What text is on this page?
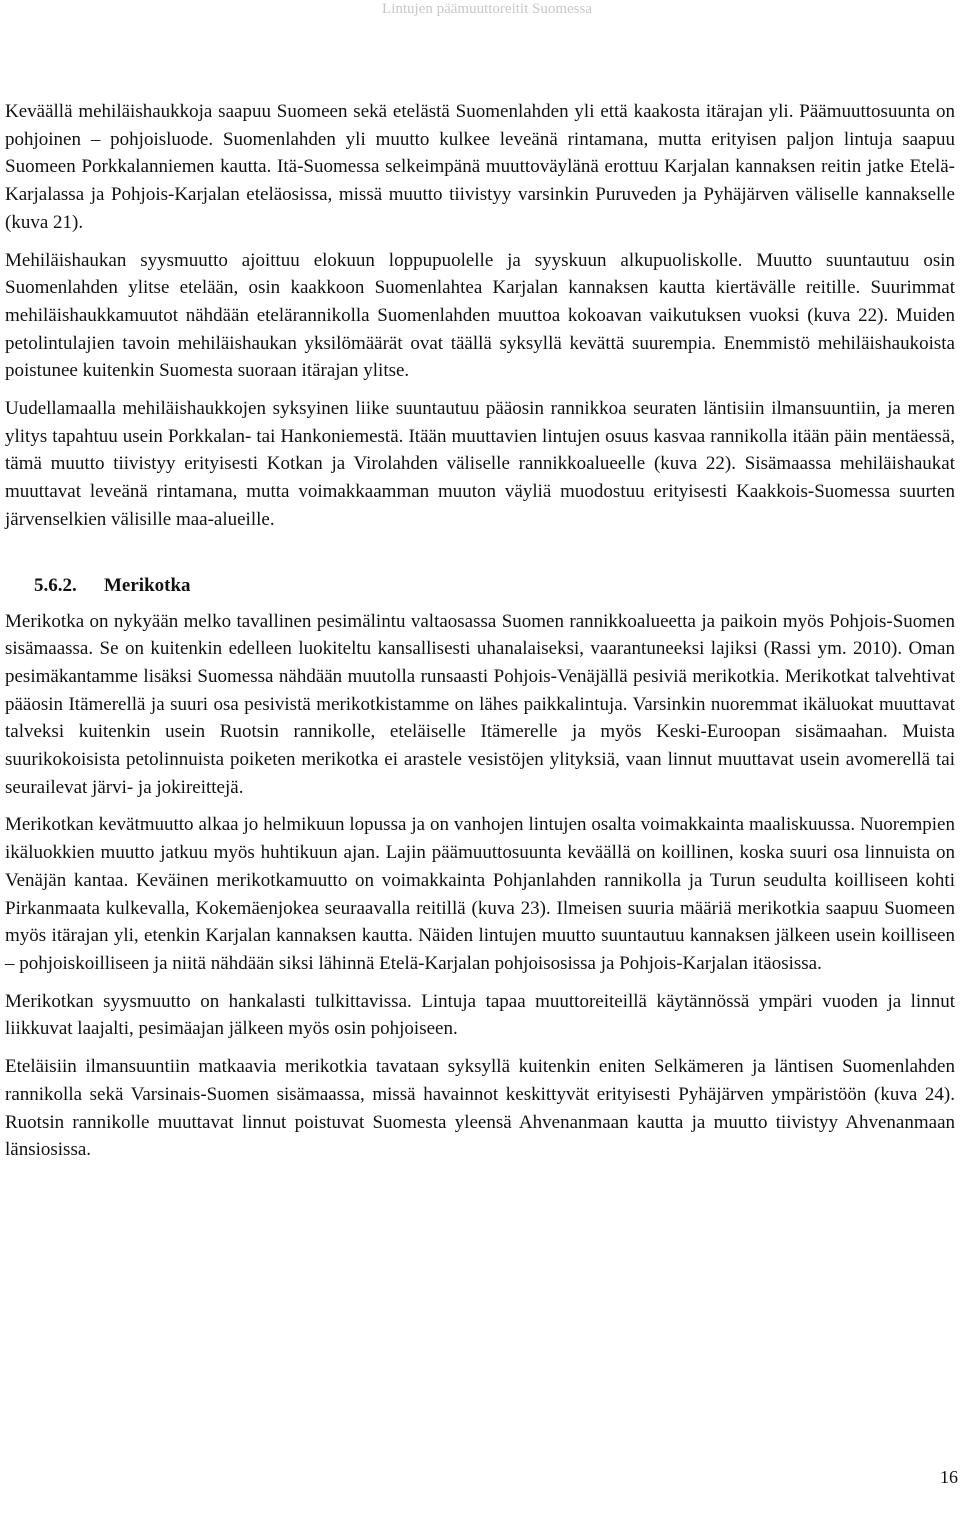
Lintujen päämuuttoreitit Suomessa

Keväällä mehiläishaukkoja saapuu Suomeen sekä etelästä Suomenlahden yli että kaakosta itärajan yli. Päämuuttosuunta on pohjoinen – pohjoisluode. Suomenlahden yli muutto kulkee leveänä rintamana, mutta erityisen paljon lintuja saapuu Suomeen Porkkalanniemen kautta. Itä-Suomessa selkeimpänä muuttoväylänä erottuu Karjalan kannaksen reitin jatke Etelä-Karjalassa ja Pohjois-Karjalan eteläosissa, missä muutto tiivistyy varsinkin Puruveden ja Pyhäjärven väliselle kannakselle (kuva 21).

Mehiläishaukan syysmuutto ajoittuu elokuun loppupuolelle ja syyskuun alkupuoliskolle. Muutto suuntautuu osin Suomenlahden ylitse etelään, osin kaakkoon Suomenlahtea Karjalan kannaksen kautta kiertävälle reitille. Suurimmat mehiläishaukkamuutot nähdään etelärannikolla Suomenlahden muuttoa kokoavan vaikutuksen vuoksi (kuva 22). Muiden petolintulajien tavoin mehiläishaukan yksilömäärät ovat täällä syksyllä kevättä suurempia. Enemmistö mehiläishaukoista poistunee kuitenkin Suomesta suoraan itärajan ylitse.

Uudellamaalla mehiläishaukkojen syksyinen liike suuntautuu pääosin rannikkoa seuraten läntisiin ilmansuuntiin, ja meren ylitys tapahtuu usein Porkkalan- tai Hankoniemestä. Itään muuttavien lintujen osuus kasvaa rannikolla itään päin mentäessä, tämä muutto tiivistyy erityisesti Kotkan ja Virolahden väliselle rannikkoalueelle (kuva 22). Sisämaassa mehiläishaukat muuttavat leveänä rintamana, mutta voimakkaamman muuton väyliä muodostuu erityisesti Kaakkois-Suomessa suurten järvenselkien välisille maa-alueille.

5.6.2. Merikotka

Merikotka on nykyään melko tavallinen pesimälintu valtaosassa Suomen rannikkoalueetta ja paikoin myös Pohjois-Suomen sisämaassa. Se on kuitenkin edelleen luokiteltu kansallisesti uhanalaiseksi, vaarantuneeksi lajiksi (Rassi ym. 2010). Oman pesimäkantamme lisäksi Suomessa nähdään muutolla runsaasti Pohjois-Venäjällä pesiviä merikotkia. Merikotkat talvehtivat pääosin Itämerellä ja suuri osa pesivistä merikotkistamme on lähes paikkalintuja. Varsinkin nuoremmat ikäluokat muuttavat talveksi kuitenkin usein Ruotsin rannikolle, eteläiselle Itämerelle ja myös Keski-Euroopan sisämaahan. Muista suurikokoisista petolinnuista poiketen merikotka ei arastele vesistöjen ylityksiä, vaan linnut muuttavat usein avomerellä tai seurailevat järvi- ja jokireittejä.

Merikotkan kevätmuutto alkaa jo helmikuun lopussa ja on vanhojen lintujen osalta voimakkainta maaliskuussa. Nuorempien ikäluokkien muutto jatkuu myös huhtikuun ajan. Lajin päämuuttosuunta keväällä on koillinen, koska suuri osa linnuista on Venäjän kantaa. Keväinen merikotkamuutto on voimakkainta Pohjanlahden rannikolla ja Turun seudulta koilliseen kohti Pirkanmaata kulkevalla, Kokemäenjokea seuraavalla reitillä (kuva 23). Ilmeisen suuria määriä merikotkia saapuu Suomeen myös itärajan yli, etenkin Karjalan kannaksen kautta. Näiden lintujen muutto suuntautuu kannaksen jälkeen usein koilliseen – pohjoiskoilliseen ja niitä nähdään siksi lähinnä Etelä-Karjalan pohjoisosissa ja Pohjois-Karjalan itäosissa.

Merikotkan syysmuutto on hankalasti tulkittavissa. Lintuja tapaa muuttoreiteillä käytännössä ympäri vuoden ja linnut liikkuvat laajalti, pesimäajan jälkeen myös osin pohjoiseen.

Eteläisiin ilmansuuntiin matkaavia merikotkia tavataan syksyllä kuitenkin eniten Selkämeren ja läntisen Suomenlahden rannikolla sekä Varsinais-Suomen sisämaassa, missä havainnot keskittyvät erityisesti Pyhäjärven ympäristöön (kuva 24). Ruotsin rannikolle muuttavat linnut poistuvat Suomesta yleensä Ahvenanmaan kautta ja muutto tiivistyy Ahvenanmaan länsiosissa.

16
